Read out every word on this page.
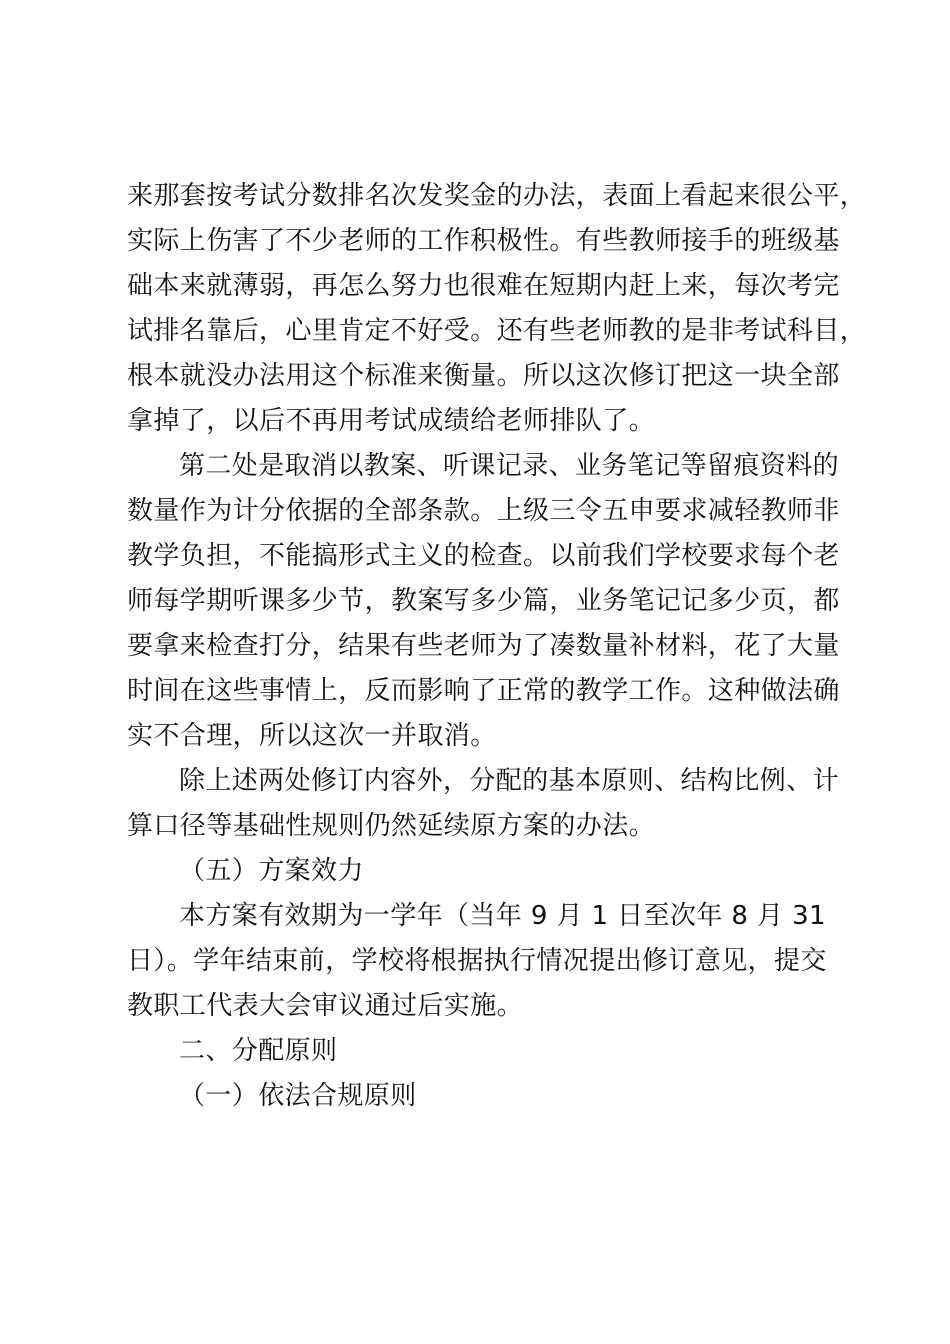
来那套按考试分数排名次发奖金的办法，表面上看起来很公平，
实际上伤害了不少老师的工作积极性。有些教师接手的班级基
础本来就薄弱，再怎么努力也很难在短期内赶上来，每次考完
试排名靠后，心里肯定不好受。还有些老师教的是非考试科目，
根本就没办法用这个标准来衡量。所以这次修订把这一块全部
拿掉了，以后不再用考试成绩给老师排队了。
第二处是取消以教案、听课记录、业务笔记等留痕资料的
数量作为计分依据的全部条款。上级三令五申要求减轻教师非
教学负担，不能搞形式主义的检查。以前我们学校要求每个老
师每学期听课多少节，教案写多少篇，业务笔记记多少页，都
要拿来检查打分，结果有些老师为了凑数量补材料，花了大量
时间在这些事情上，反而影响了正常的教学工作。这种做法确
实不合理，所以这次一并取消。
除上述两处修订内容外，分配的基本原则、结构比例、计
算口径等基础性规则仍然延续原方案的办法。
（五）方案效力
本方案有效期为一学年（当年 9 月 1 日至次年 8 月 31
日）。学年结束前，学校将根据执行情况提出修订意见，提交
教职工代表大会审议通过后实施。
二、分配原则
（一）依法合规原则
